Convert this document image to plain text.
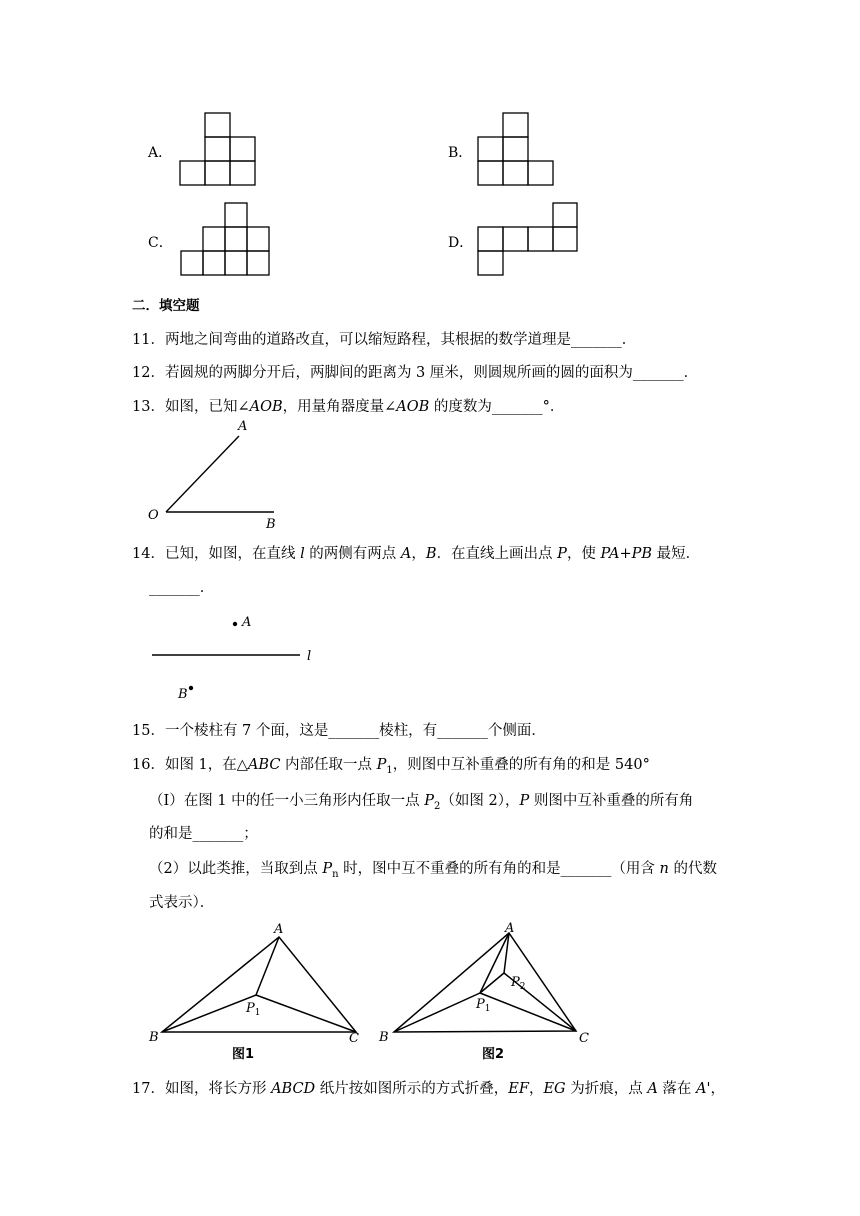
A．	B．
C．	D．
二．填空题
11．两地之间弯曲的道路改直，可以缩短路程，其根据的数学道理是_______．
12．若圆规的两脚分开后，两脚间的距离为 3 厘米，则圆规所画的圆的面积为_______．
13．如图，已知∠AOB，用量角器度量∠AOB 的度数为_______°．
A
O
B
14．已知，如图，在直线 l 的两侧有两点 A，B．在直线上画出点 P，使 PA+PB 最短．
_______．
A
l
B
15．一个棱柱有 7 个面，这是_______棱柱，有_______个侧面．
16．如图 1，在△ABC 内部任取一点 $P_1$，则图中互补重叠的所有角的和是 540°
（Ⅰ）在图 1 中的任一小三角形内任取一点 $P_2$（如图 2），P 则图中互补重叠的所有角
的和是_______；
（2）以此类推，当取到点 $P_n$ 时，图中互不重叠的所有角的和是_______（用含 n 的代数
式表示）．
A
B	C
$P_1$
图1
A
B	C
$P_1$
$P_2$
图2
17．如图，将长方形 ABCD 纸片按如图所示的方式折叠，EF，EG 为折痕，点 A 落在 A'，
